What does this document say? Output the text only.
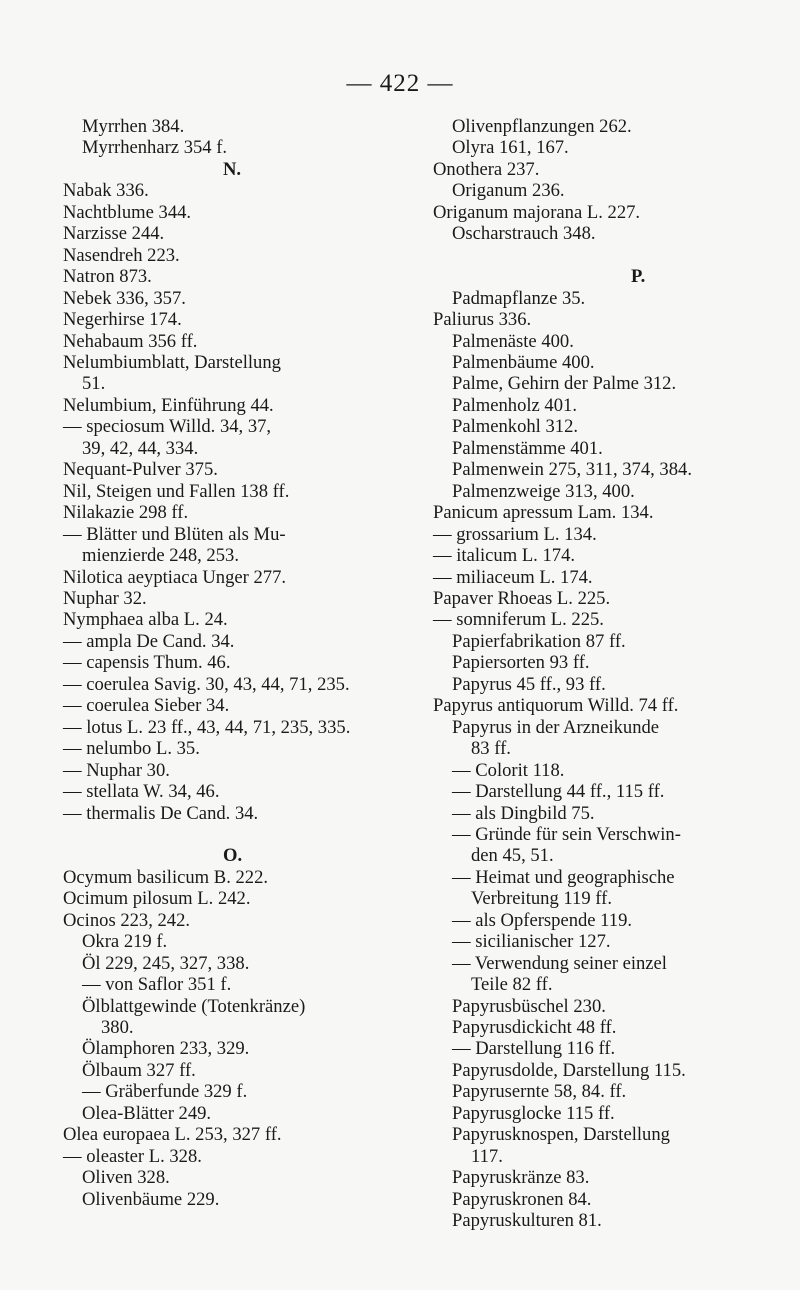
— 422 —
Myrrhen 384.
Myrrhenharz 354 f.
N.
Nabak 336.
Nachtblume 344.
Narzisse 244.
Nasendreh 223.
Natron 873.
Nebek 336, 357.
Negerhirse 174.
Nehabaum 356 ff.
Nelumbiumblatt, Darstellung
51.
Nelumbium, Einführung 44.
— speciosum Willd. 34, 37,
39, 42, 44, 334.
Nequant-Pulver 375.
Nil, Steigen und Fallen 138 ff.
Nilakazie 298 ff.
— Blätter und Blüten als Mu-
mienzierde 248, 253.
Nilotica aeyptiaca Unger 277.
Nuphar 32.
Nymphaea alba L. 24.
— ampla De Cand. 34.
— capensis Thum. 46.
— coerulea Savig. 30, 43, 44, 71, 235.
— coerulea Sieber 34.
— lotus L. 23 ff., 43, 44, 71, 235, 335.
— nelumbo L. 35.
— Nuphar 30.
— stellata W. 34, 46.
— thermalis De Cand. 34.

O.
Ocymum basilicum B. 222.
Ocimum pilosum L. 242.
Ocinos 223, 242.
Okra 219 f.
Öl 229, 245, 327, 338.
— von Saflor 351 f.
Ölblattgewinde (Totenkränze)
380.
Ölamphoren 233, 329.
Ölbaum 327 ff.
— Gräberfunde 329 f.
Olea-Blätter 249.
Olea europaea L. 253, 327 ff.
— oleaster L. 328.
Oliven 328.
Olivenbäume 229.
Olivenpflanzungen 262.
Olyra 161, 167.
Onothera 237.
Origanum 236.
Origanum majorana L. 227.
Oscharstrauch 348.

P.
Padmapflanze 35.
Paliurus 336.
Palmenäste 400.
Palmenbäume 400.
Palme, Gehirn der Palme 312.
Palmenholz 401.
Palmenkohl 312.
Palmenstämme 401.
Palmenwein 275, 311, 374, 384.
Palmenzweige 313, 400.
Panicum apressum Lam. 134.
— grossarium L. 134.
— italicum L. 174.
— miliaceum L. 174.
Papaver Rhoeas L. 225.
— somniferum L. 225.
Papierfabrikation 87 ff.
Papiersorten 93 ff.
Papyrus 45 ff., 93 ff.
Papyrus antiquorum Willd. 74 ff.
Papyrus in der Arzneikunde
83 ff.
— Colorit 118.
— Darstellung 44 ff., 115 ff.
— als Dingbild 75.
— Gründe für sein Verschwin-
den 45, 51.
— Heimat und geographische
Verbreitung 119 ff.
— als Opferspende 119.
— sicilianischer 127.
— Verwendung seiner einzel
Teile 82 ff.
Papyrusbüschel 230.
Papyrusdickicht 48 ff.
— Darstellung 116 ff.
Papyrusdolde, Darstellung 115.
Papyrusernte 58, 84. ff.
Papyrusglocke 115 ff.
Papyrusknospen, Darstellung
117.
Papyruskränze 83.
Papyruskronen 84.
Papyruskulturen 81.
